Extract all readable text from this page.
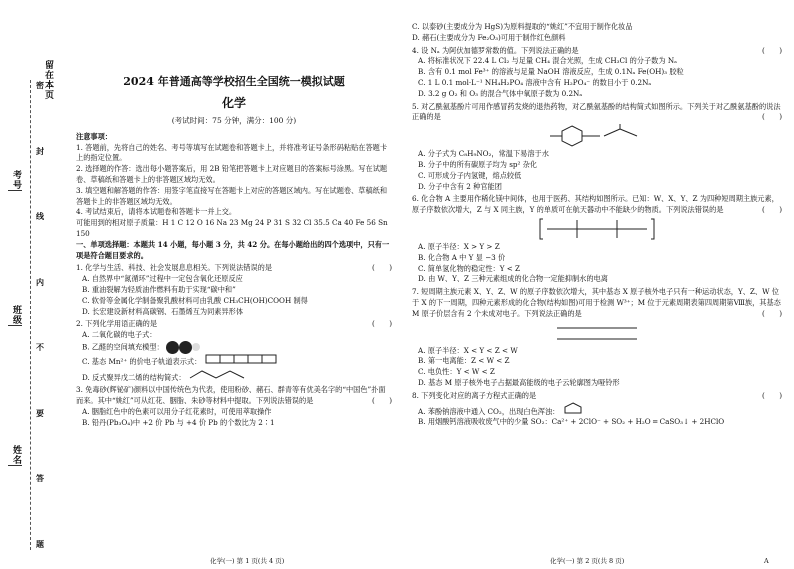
考号
班级
姓名
密
封
线
内
不
要
答
题
留在本页	2024 年普通高等学校招生全国统一模拟试题
化学
(考试时间：75 分钟，满分：100 分)

注意事项：

1. 答题前，先将自己的姓名、考号等填写在试题卷和答题卡上，并将准考证号条形码粘贴在答题卡上的指定位置。

2. 选择题的作答：选出每小题答案后，用 2B 铅笔把答题卡上对应题目的答案标号涂黑。写在试题卷、草稿纸和答题卡上的非答题区域均无效。

3. 填空题和解答题的作答：用签字笔直接写在答题卡上对应的答题区域内。写在试题卷、草稿纸和答题卡上的非答题区域均无效。

4. 考试结束后，请将本试题卷和答题卡一并上交。

可能用到的相对原子质量：H 1 C 12 O 16 Na 23 Mg 24 P 31 S 32 Cl 35.5 Ca 40 Fe 56 Sn 150

一、单项选择题：本题共 14 小题，每小题 3 分，共 42 分。在每小题给出的四个选项中，只有一项是符合题目要求的。

1. 化学与生活、科技、社会发展息息相关。下列说法错误的是	(　　)

A. 自然界中“氮循环”过程中一定包含氧化还原反应

B. 重油裂解为轻质油作燃料有助于实现“碳中和”

C. 软骨等金属化学制备聚乳酸材料可由乳酸 CH₃CH(OH)COOH 制得

D. 长宏建设新材料高碳钢、石墨烯互为同素异形体

2. 下列化学用语正确的是	(　　)

A. 二氧化碳的电子式：

B. 乙醛的空间填充模型：

C. 基态 Mn²⁺ 的价电子轨道表示式：

D. 反式聚异戊二烯的结构简式：

3. 免毒砂(辉铋矿)颜料以中国传统色为代表，使用粉砂、赭石、群青等有优美名字的“中国色”扑面而来。其中“姚红”可从红花、胭脂、朱砂等材料中提取。下列说法错误的是	(　　)

A. 胭脂红色中的色素可以用分子红花素时，可使用萃取操作

B. 铅丹(Pb₃O₄)中 +2 价 Pb 与 +4 价 Pb 的个数比为 2∶1

化学(一) 第 1 页(共 4 页)

C. 以泰砂(主要成分为 HgS)为原料提取的“姚红”不宜用于制作化妆品

D. 赭石(主要成分为 Fe₂O₃)可用于制作红色颜料

4. 设 Nₐ 为阿伏加德罗常数的值。下列说法正确的是	(　　)

A. 将标准状况下 22.4 L Cl₂ 与足量 CH₄ 混合光照，生成 CH₃Cl 的分子数为 Nₐ

B. 含有 0.1 mol Fe³⁺ 的溶液与足量 NaOH 溶液反应，生成 0.1Nₐ Fe(OH)₃ 胶粒

C. 1 L 0.1 mol·L⁻¹ NH₄H₂PO₄ 溶液中含有 H₂PO₄⁻ 的数目小于 0.2Nₐ

D. 3.2 g O₂ 和 O₃ 的混合气体中氧原子数为 0.2Nₐ

5. 对乙酰氨基酚片可用作感冒药发烧的退热药物，对乙酰氨基酚的结构简式如图所示。下列关于对乙酰氨基酚的说法正确的是	(　　)

A. 分子式为 C₈H₉NO₂，常温下易溶于水

B. 分子中的所有碳原子均为 sp² 杂化

C. 可形成分子内氢键，熔点较低

D. 分子中含有 2 种官能团

6. 化合物 A 主要用作稀化镁中间体，也用于医药、其结构如图所示。已知：W、X、Y、Z 为四种短周期主族元素，原子序数依次增大，Z 与 X 同主族，Y 的单质可在航天器动中不能缺少的物质。下列说法错误的是	(　　)

A. 原子半径：X > Y > Z

B. 化合物 A 中 Y 显 −3 价

C. 简单氢化物的稳定性：Y < Z

D. 由 W、Y、Z 三种元素组成的化合物一定能抑制水的电离

7. 短周期主族元素 X、Y、Z、W 的原子序数依次增大，其中基态 X 原子核外电子只有一种运动状态，Y、Z、W 位于 X 的下一周期，四种元素形成的化合物(结构如图)可用于检测 W³⁺；M 位于元素周期表第四周期第Ⅷ族，其基态 M 原子价层含有 2 个未成对电子。下列说法正确的是	(　　)

A. 原子半径：X < Y < Z < W

B. 第一电离能：Z < W < Z

C. 电负性：Y < W < Z

D. 基态 M 原子核外电子占据最高能级的电子云轮廓图为哑铃形

8. 下列变化对应的离子方程式正确的是	(　　)

A. 苯酚钠溶液中通入 CO₂，出现白色浑浊：

B. 用烟酸钙溶液吸收废气中的少量 SO₂：Ca²⁺ + 2ClO⁻ + SO₂ + H₂O ═ CaSO₃↓ + 2HClO

化学(一) 第 2 页(共 8 页)	A
